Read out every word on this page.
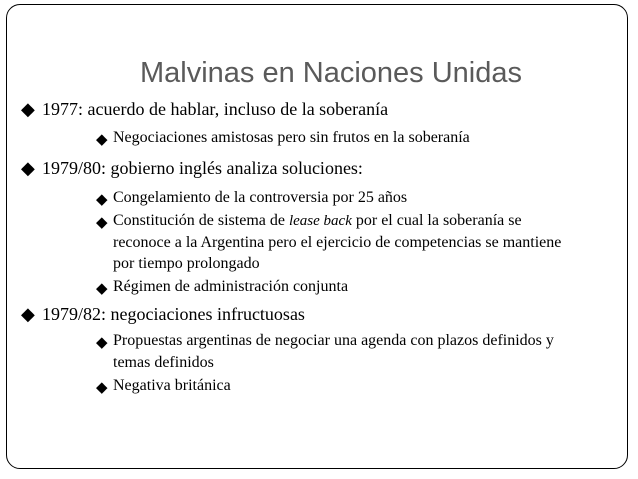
Malvinas en Naciones Unidas
◆ 1977: acuerdo de hablar, incluso de la soberanía
◆ Negociaciones amistosas pero sin frutos en la soberanía
◆ 1979/80: gobierno inglés analiza soluciones:
◆ Congelamiento de la controversia por 25 años
◆ Constitución de sistema de lease back por el cual la soberanía se
reconoce a la Argentina pero el ejercicio de competencias se mantiene
por tiempo prolongado
◆ Régimen de administración conjunta
◆ 1979/82: negociaciones infructuosas
◆ Propuestas argentinas de negociar una agenda con plazos definidos y
temas definidos
◆ Negativa británica
